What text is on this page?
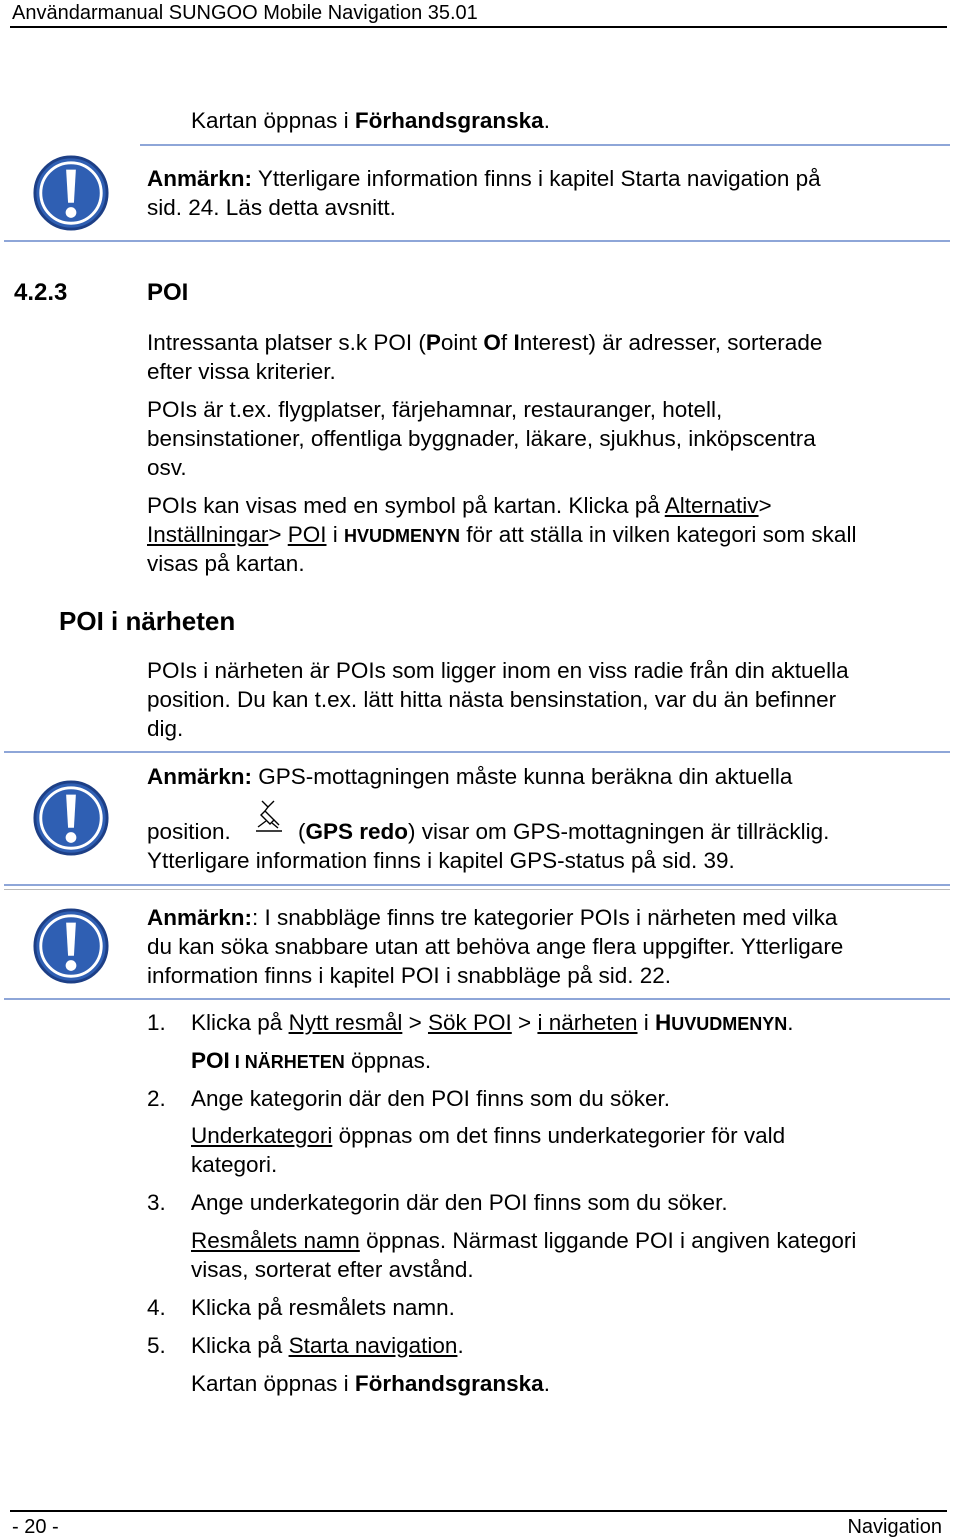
Användarmanual SUNGOO Mobile Navigation 35.01
Kartan öppnas i Förhandsgranska.
Anmärkn: Ytterligare information finns i kapitel Starta navigation på
sid. 24. Läs detta avsnitt.
4.2.3	POI
Intressanta platser s.k POI (Point Of Interest) är adresser, sorterade
efter vissa kriterier.
POIs är t.ex. flygplatser, färjehamnar, restauranger, hotell,
bensinstationer, offentliga byggnader, läkare, sjukhus, inköpscentra
osv.
POIs kan visas med en symbol på kartan. Klicka på Alternativ>
Inställningar> POI i HVUDMENYN för att ställa in vilken kategori som skall
visas på kartan.
POI i närheten
POIs i närheten är POIs som ligger inom en viss radie från din aktuella
position. Du kan t.ex. lätt hitta nästa bensinstation, var du än befinner
dig.
Anmärkn: GPS-mottagningen måste kunna beräkna din aktuella
position.	(GPS redo) visar om GPS-mottagningen är tillräcklig.
Ytterligare information finns i kapitel GPS-status på sid. 39.
Anmärkn:: I snabbläge finns tre kategorier POIs i närheten med vilka
du kan söka snabbare utan att behöva ange flera uppgifter. Ytterligare
information finns i kapitel POI i snabbläge på sid. 22.
1.	Klicka på Nytt resmål > Sök POI > i närheten i HUVUDMENYN.
POI I NÄRHETEN öppnas.
2.	Ange kategorin där den POI finns som du söker.
Underkategori öppnas om det finns underkategorier för vald
kategori.
3.	Ange underkategorin där den POI finns som du söker.
Resmålets namn öppnas. Närmast liggande POI i angiven kategori
visas, sorterat efter avstånd.
4.	Klicka på resmålets namn.
5.	Klicka på Starta navigation.
Kartan öppnas i Förhandsgranska.
- 20 -	Navigation
